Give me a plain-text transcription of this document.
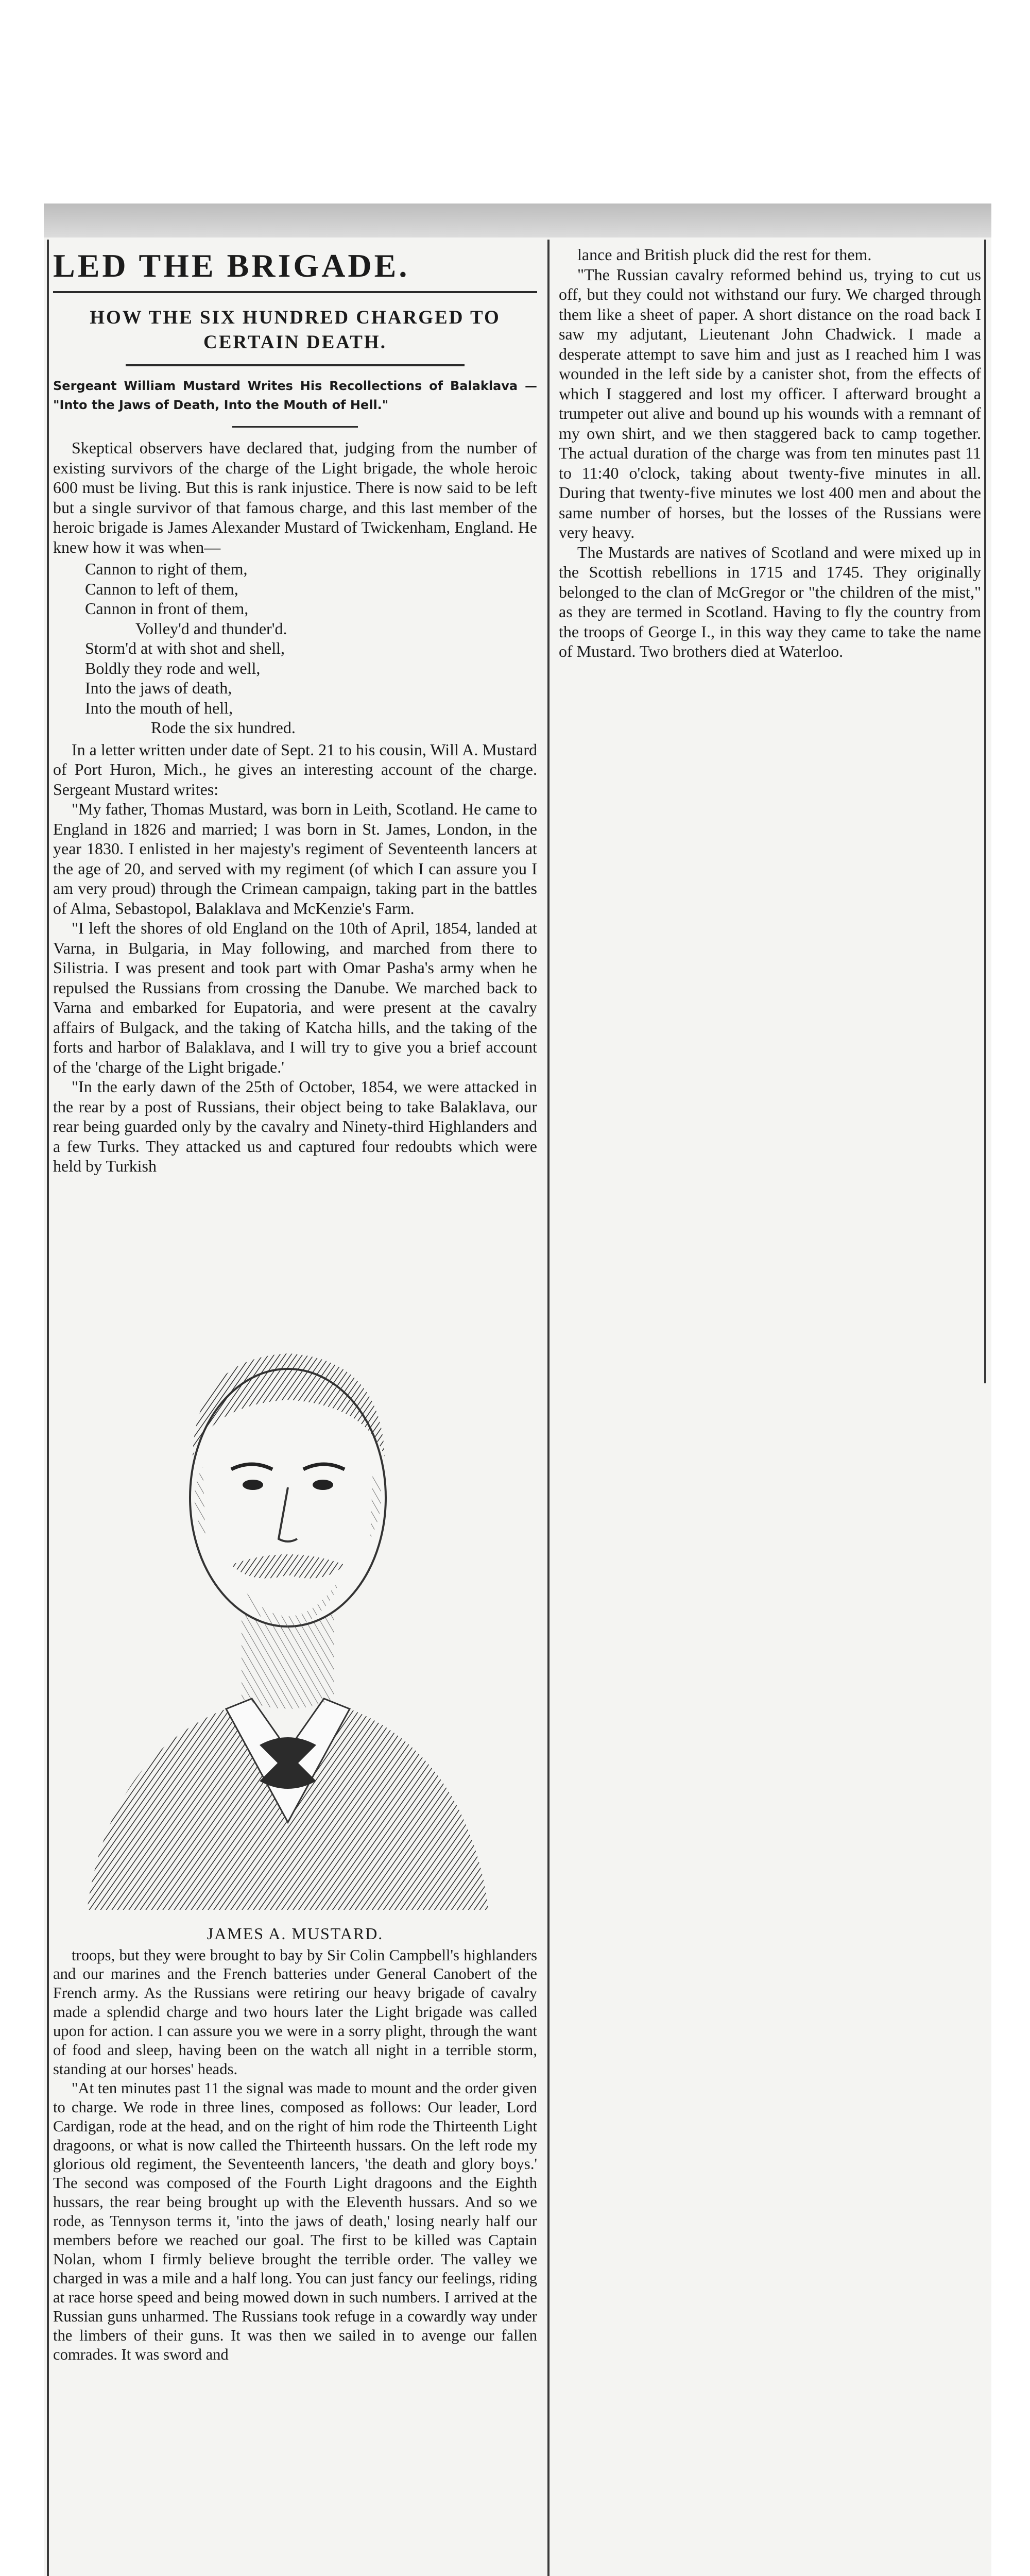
LED THE BRIGADE.
HOW THE SIX HUNDRED CHARGED TO CERTAIN DEATH.
Sergeant William Mustard Writes His Recollections of Balaklava — "Into the Jaws of Death, Into the Mouth of Hell."

Skeptical observers have declared that, judging from the number of existing survivors of the charge of the Light brigade, the whole heroic 600 must be living. But this is rank injustice. There is now said to be left but a single survivor of that famous charge, and this last member of the heroic brigade is James Alexander Mustard of Twickenham, England. He knew how it was when—

Cannon to right of them,
Cannon to left of them,
Cannon in front of them,
Volley'd and thunder'd.
Storm'd at with shot and shell,
Boldly they rode and well,
Into the jaws of death,
Into the mouth of hell,
Rode the six hundred.

In a letter written under date of Sept. 21 to his cousin, Will A. Mustard of Port Huron, Mich., he gives an interesting account of the charge. Sergeant Mustard writes:

"My father, Thomas Mustard, was born in Leith, Scotland. He came to England in 1826 and married; I was born in St. James, London, in the year 1830. I enlisted in her majesty's regiment of Seventeenth lancers at the age of 20, and served with my regiment (of which I can assure you I am very proud) through the Crimean campaign, taking part in the battles of Alma, Sebastopol, Balaklava and McKenzie's Farm.

"I left the shores of old England on the 10th of April, 1854, landed at Varna, in Bulgaria, in May following, and marched from there to Silistria. I was present and took part with Omar Pasha's army when he repulsed the Russians from crossing the Danube. We marched back to Varna and embarked for Eupatoria, and were present at the cavalry affairs of Bulgack, and the taking of Katcha hills, and the taking of the forts and harbor of Balaklava, and I will try to give you a brief account of the 'charge of the Light brigade.'

"In the early dawn of the 25th of October, 1854, we were attacked in the rear by a post of Russians, their object being to take Balaklava, our rear being guarded only by the cavalry and Ninety-third Highlanders and a few Turks. They attacked us and captured four redoubts which were held by Turkish

JAMES A. MUSTARD.

troops, but they were brought to bay by Sir Colin Campbell's highlanders and our marines and the French batteries under General Canobert of the French army. As the Russians were retiring our heavy brigade of cavalry made a splendid charge and two hours later the Light brigade was called upon for action. I can assure you we were in a sorry plight, through the want of food and sleep, having been on the watch all night in a terrible storm, standing at our horses' heads.

"At ten minutes past 11 the signal was made to mount and the order given to charge. We rode in three lines, composed as follows: Our leader, Lord Cardigan, rode at the head, and on the right of him rode the Thirteenth Light dragoons, or what is now called the Thirteenth hussars. On the left rode my glorious old regiment, the Seventeenth lancers, 'the death and glory boys.' The second was composed of the Fourth Light dragoons and the Eighth hussars, the rear being brought up with the Eleventh hussars. And so we rode, as Tennyson terms it, 'into the jaws of death,' losing nearly half our members before we reached our goal. The first to be killed was Captain Nolan, whom I firmly believe brought the terrible order. The valley we charged in was a mile and a half long. You can just fancy our feelings, riding at race horse speed and being mowed down in such numbers. I arrived at the Russian guns unharmed. The Russians took refuge in a cowardly way under the limbers of their guns. It was then we sailed in to avenge our fallen comrades. It was sword and

lance and British pluck did the rest for them.

"The Russian cavalry reformed behind us, trying to cut us off, but they could not withstand our fury. We charged through them like a sheet of paper. A short distance on the road back I saw my adjutant, Lieutenant John Chadwick. I made a desperate attempt to save him and just as I reached him I was wounded in the left side by a canister shot, from the effects of which I staggered and lost my officer. I afterward brought a trumpeter out alive and bound up his wounds with a remnant of my own shirt, and we then staggered back to camp together. The actual duration of the charge was from ten minutes past 11 to 11:40 o'clock, taking about twenty-five minutes in all. During that twenty-five minutes we lost 400 men and about the same number of horses, but the losses of the Russians were very heavy.

The Mustards are natives of Scotland and were mixed up in the Scottish rebellions in 1715 and 1745. They originally belonged to the clan of McGregor or "the children of the mist," as they are termed in Scotland. Having to fly the country from the troops of George I., in this way they came to take the name of Mustard. Two brothers died at Waterloo.
